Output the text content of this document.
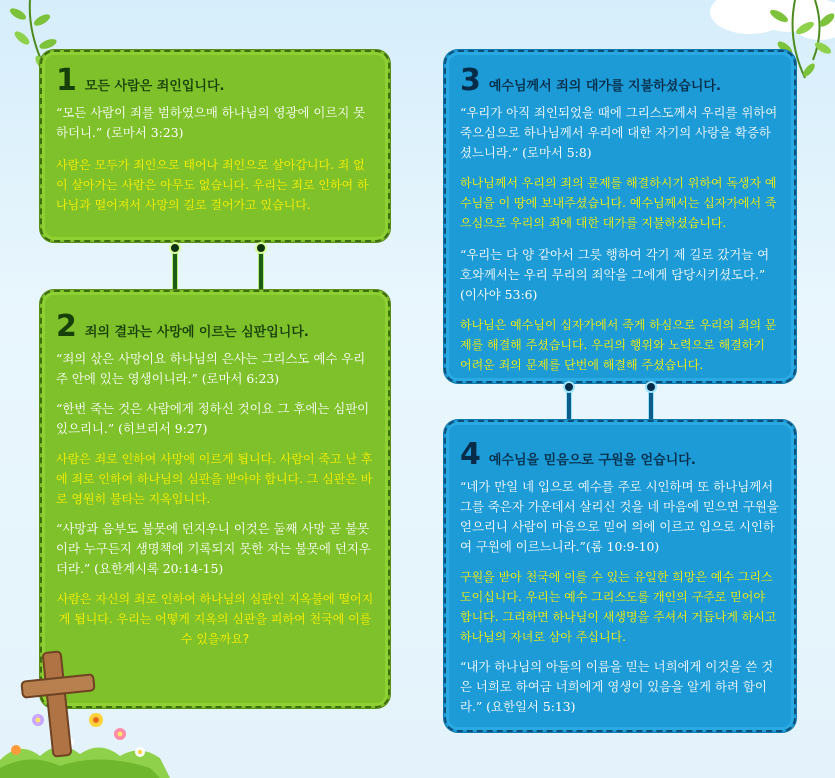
1 모든 사람은 죄인입니다.

“모든 사람이 죄를 범하였으매 하나님의 영광에 이르지 못하더니.” (로마서 3:23)

사람은 모두가 죄인으로 태어나 죄인으로 살아갑니다. 죄 없이 살아가는 사람은 아무도 없습니다. 우리는 죄로 인하여 하나님과 떨어져서 사망의 길로 걸어가고 있습니다.

2 죄의 결과는 사망에 이르는 심판입니다.

“죄의 삯은 사망이요 하나님의 은사는 그리스도 예수 우리 주 안에 있는 영생이니라.” (로마서 6:23)

“한번 죽는 것은 사람에게 정하신 것이요 그 후에는 심판이 있으리니.” (히브리서 9:27)

사람은 죄로 인하여 사망에 이르게 됩니다. 사람이 죽고 난 후에 죄로 인하여 하나님의 심판을 받아야 합니다. 그 심판은 바로 영원히 불타는 지옥입니다.

“사망과 음부도 불못에 던지우니 이것은 둘째 사망 곧 불못이라 누구든지 생명책에 기록되지 못한 자는 불못에 던지우더라.” (요한계시록 20:14-15)

사람은 자신의 죄로 인하여 하나님의 심판인 지옥불에 떨어지게 됩니다. 우리는 어떻게 지옥의 심판을 피하여 천국에 이를수 있을까요?

3 예수님께서 죄의 대가를 지불하셨습니다.

“우리가 아직 죄인되었을 때에 그리스도께서 우리를 위하여 죽으심으로 하나님께서 우리에 대한 자기의 사랑을 확증하셨느니라.” (로마서 5:8)

하나님께서 우리의 죄의 문제를 해결하시기 위하여 독생자 예수님을 이 땅에 보내주셨습니다. 예수님께서는 십자가에서 죽으심으로 우리의 죄에 대한 대가를 지불하셨습니다.

“우리는 다 양 같아서 그릇 행하여 각기 제 길로 갔거늘 여호와께서는 우리 무리의 죄악을 그에게 담당시키셨도다.” (이사야 53:6)

하나님은 예수님이 십자가에서 죽게 하심으로 우리의 죄의 문제를 해결해 주셨습니다. 우리의 행위와 노력으로 해결하기 어려운 죄의 문제를 단번에 해결해 주셨습니다.

4 예수님을 믿음으로 구원을 얻습니다.

“네가 만일 네 입으로 예수를 주로 시인하며 또 하나님께서 그를 죽은자 가운데서 살리신 것을 네 마음에 믿으면 구원을 얻으리니 사람이 마음으로 믿어 의에 이르고 입으로 시인하여 구원에 이르느니라.”(롬 10:9-10)

구원을 받아 천국에 이를 수 있는 유일한 희망은 예수 그리스도이십니다. 우리는 예수 그리스도를 개인의 구주로 믿어야 합니다. 그리하면 하나님이 새생명을 주셔서 거듭나게 하시고 하나님의 자녀로 삼아 주십니다.

“내가 하나님의 아들의 이름을 믿는 너희에게 이것을 쓴 것은 너희로 하여금 너희에게 영생이 있음을 알게 하려 함이라.” (요한일서 5:13)
